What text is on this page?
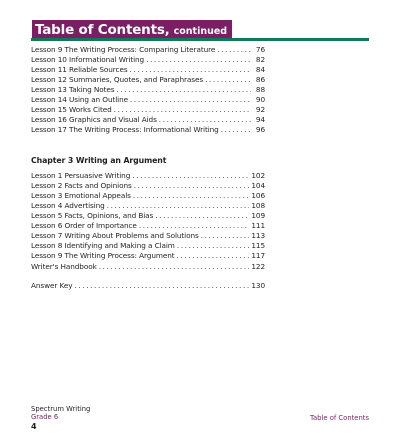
Table of Contents, continued
Lesson 9 The Writing Process: Comparing Literature .....	76
Lesson 10 Informational Writing .....	82
Lesson 11 Reliable Sources .....	84
Lesson 12 Summaries, Quotes, and Paraphrases .....	86
Lesson 13 Taking Notes .....	88
Lesson 14 Using an Outline .....	90
Lesson 15 Works Cited .....	92
Lesson 16 Graphics and Visual Aids .....	94
Lesson 17 The Writing Process: Informational Writing .....	96
Chapter 3 Writing an Argument
Lesson 1 Persuasive Writing .....	102
Lesson 2 Facts and Opinions .....	104
Lesson 3 Emotional Appeals .....	106
Lesson 4 Advertising .....	108
Lesson 5 Facts, Opinions, and Bias .....	109
Lesson 6 Order of Importance .....	111
Lesson 7 Writing About Problems and Solutions .....	113
Lesson 8 Identifying and Making a Claim .....	115
Lesson 9 The Writing Process: Argument .....	117
Writer's Handbook .....	122
Answer Key .....	130
Spectrum Writing
Grade 6
4
Table of Contents
